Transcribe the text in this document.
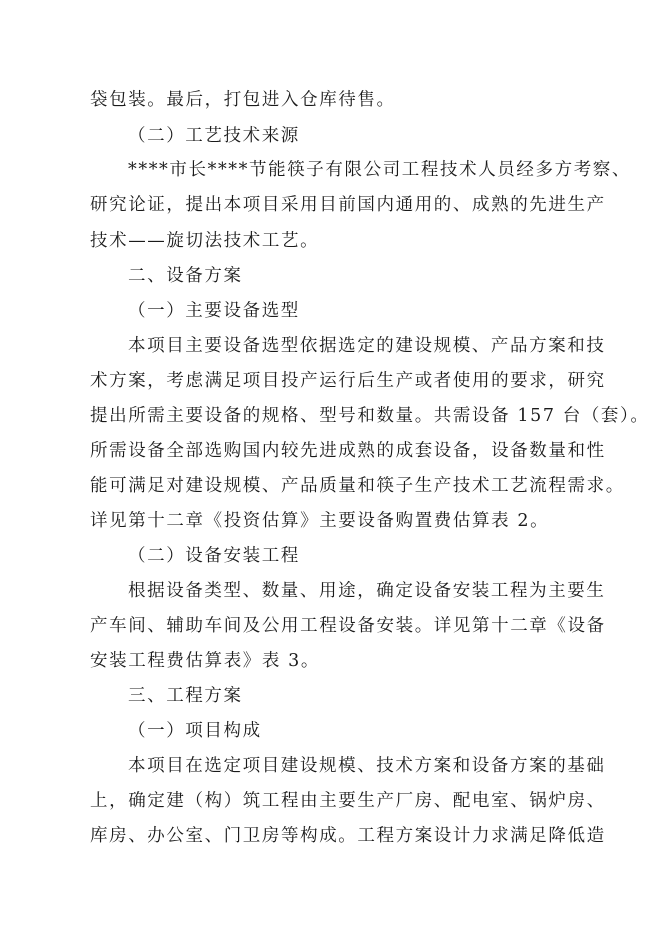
袋包装。最后，打包进入仓库待售。
（二）工艺技术来源
****市长****节能筷子有限公司工程技术人员经多方考察、
研究论证，提出本项目采用目前国内通用的、成熟的先进生产
技术——旋切法技术工艺。
二、设备方案
（一）主要设备选型
本项目主要设备选型依据选定的建设规模、产品方案和技
术方案，考虑满足项目投产运行后生产或者使用的要求，研究
提出所需主要设备的规格、型号和数量。共需设备 157 台（套）。
所需设备全部选购国内较先进成熟的成套设备，设备数量和性
能可满足对建设规模、产品质量和筷子生产技术工艺流程需求。
详见第十二章《投资估算》主要设备购置费估算表 2。
（二）设备安装工程
根据设备类型、数量、用途，确定设备安装工程为主要生
产车间、辅助车间及公用工程设备安装。详见第十二章《设备
安装工程费估算表》表 3。
三、工程方案
（一）项目构成
本项目在选定项目建设规模、技术方案和设备方案的基础
上，确定建（构）筑工程由主要生产厂房、配电室、锅炉房、
库房、办公室、门卫房等构成。工程方案设计力求满足降低造
